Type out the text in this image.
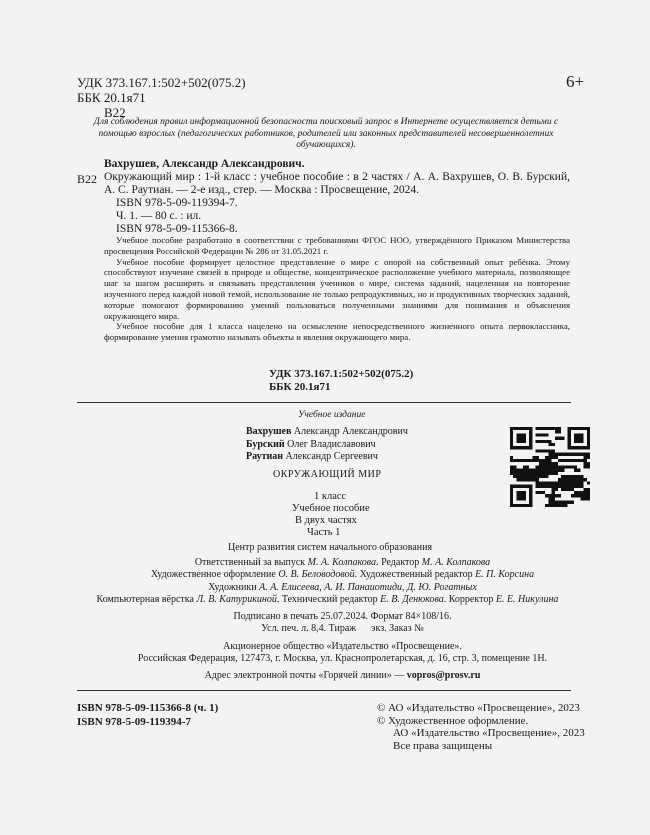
УДК 373.167.1:502+502(075.2)
ББК 20.1я71
В22
6+
Для соблюдения правил информационной безопасности поисковый запрос в Интернете осуществляется детьми с помощью взрослых (педагогических работников, родителей или законных представителей несовершеннолетних обучающихся).
Вахрушев, Александр Александрович.
В22 Окружающий мир : 1-й класс : учебное пособие : в 2 частях / А. А. Вахрушев, О. В. Бурский, А. С. Раутиан. — 2-е изд., стер. — Москва : Просвещение, 2024.
ISBN 978-5-09-119394-7.
Ч. 1. — 80 с. : ил.
ISBN 978-5-09-115366-8.

Учебное пособие разработано в соответствии с требованиями ФГОС НОО, утверждённого Приказом Министерства просвещения Российской Федерации № 286 от 31.05.2021 г.

Учебное пособие формирует целостное представление о мире с опорой на собственный опыт ребёнка. Этому способствуют изучение связей в природе и обществе, концентрическое расположение учебного материала, позволяющее шаг за шагом расширять и связывать представления учеников о мире, система заданий, нацеленная на повторение изученного перед каждой новой темой, использование не только репродуктивных, но и продуктивных творческих заданий, которые помогают формированию умений пользоваться полученными знаниями для понимания и объяснения окружающего мира.

Учебное пособие для 1 класса нацелено на осмысление непосредственного жизненного опыта первоклассника, формирование умения грамотно называть объекты и явления окружающего мира.

УДК 373.167.1:502+502(075.2)
ББК 20.1я71
Учебное издание
Вахрушев Александр Александрович
Бурский Олег Владиславович
Раутиан Александр Сергеевич
ОКРУЖАЮЩИЙ МИР
1 класс
Учебное пособие
В двух частях
Часть 1
Центр развития систем начального образования

Ответственный за выпуск М. А. Колпакова. Редактор М. А. Колпакова

Художественное оформление О. В. Беловодовой. Художественный редактор Е. П. Корсина

Художники А. А. Елисеева, А. И. Панаиотиди, Д. Ю. Рогатных

Компьютерная вёрстка Л. В. Катурикиной. Технический редактор Е. В. Денюкова. Корректор Е. Е. Никулина

Подписано в печать 25.07.2024. Формат 84×108/16.

Усл. печ. л. 8,4. Тираж      экз. Заказ №

Акционерное общество «Издательство «Просвещение».

Российская Федерация, 127473, г. Москва, ул. Краснопролетарская, д. 16, стр. 3, помещение 1Н.

Адрес электронной почты «Горячей линии» — vopros@prosv.ru

ISBN 978-5-09-115366-8 (ч. 1)
ISBN 978-5-09-119394-7
© АО «Издательство «Просвещение», 2023
© Художественное оформление.
АО «Издательство «Просвещение», 2023
Все права защищены
